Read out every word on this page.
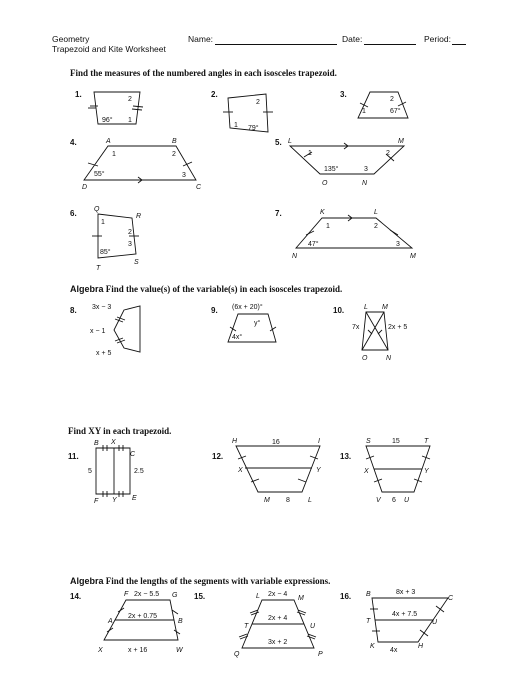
Geometry
Trapezoid and Kite Worksheet
Name:	Date:	Period:
Find the measures of the numbered angles in each isosceles trapezoid.
1.
2
96° 1
2.
2
1 79°
3.
2
1	67°
4.	A	B
C
D
1	2
3
55°
5. L	M
N
O
1	2
3
135°
6. Q
R
S
T
1
2
3
85°
7.	K	L
M
N
1	2
3
47°
Algebra Find the value(s) of the variable(s) in each isosceles trapezoid.
8. 3x − 3
x − 1
x + 5
9. (6x + 20)°
y°
4x°
10.	L M
N
O
7x	2x + 5
Find XY in each trapezoid.
11.
B X
C
F Y E
5	2.5
12.
H	I
X	Y
M	L
16
8
13.
S	T
X	Y
V	U
15
6
Algebra Find the lengths of the segments with variable expressions.
14.	F	G
A	B
X	W
2x − 5.5
2x + 0.75
x + 16
15.	L	M
T	U
Q	P
2x − 4
2x + 4
3x + 2
16. B
C
T	U
K	H
8x + 3
4x + 7.5
4x
